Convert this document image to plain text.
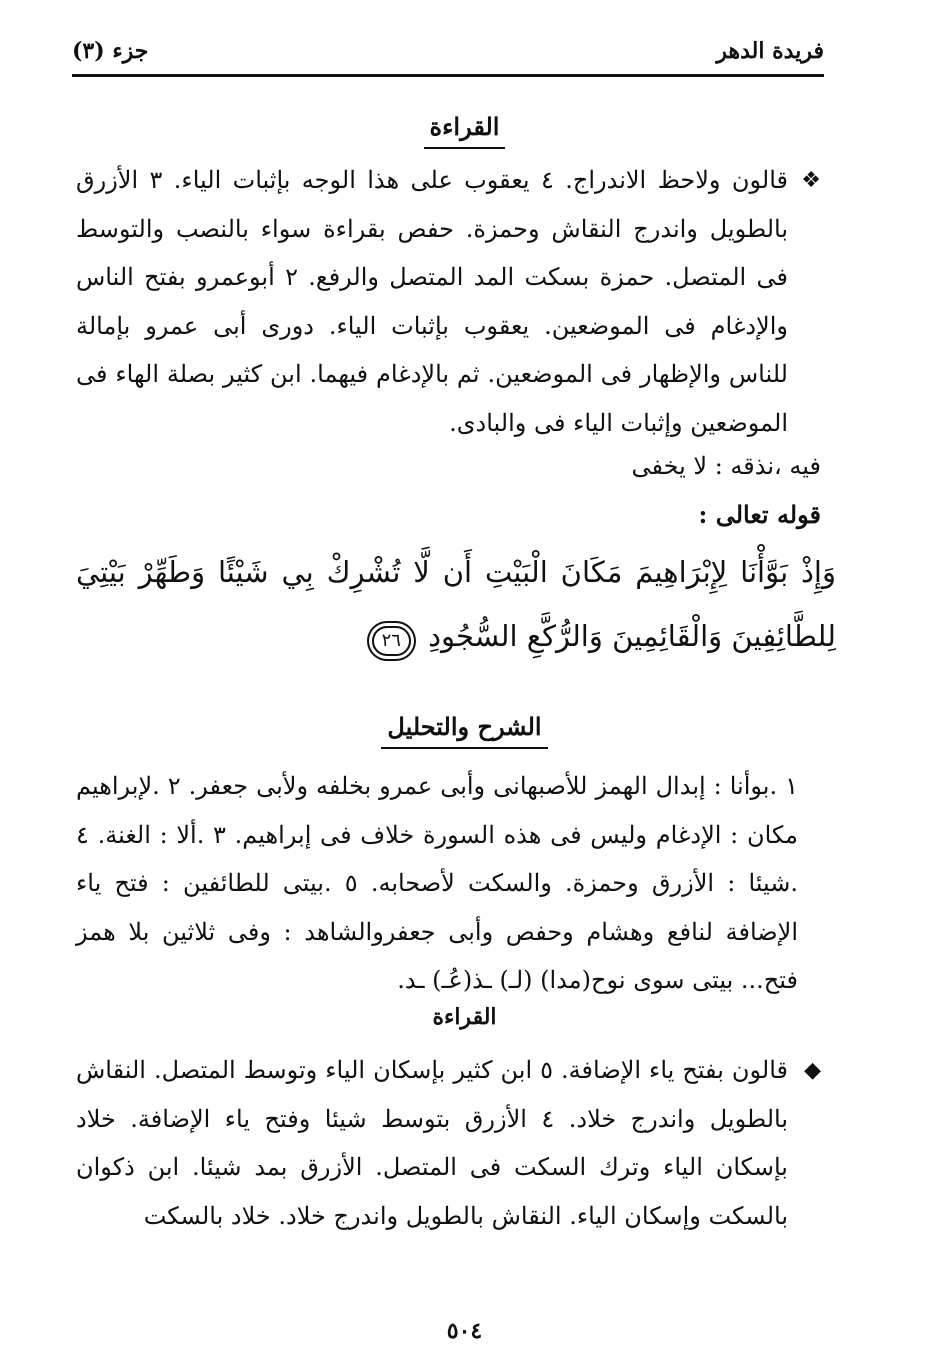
فريدة الدهر
جزء (٣)
القراءة
❖
قالون ولاحظ الاندراج. ٤ يعقوب على هذا الوجه بإثبات الياء. ٣ الأزرق بالطويل واندرج النقاش وحمزة. حفص بقراءة سواء بالنصب والتوسط فى المتصل. حمزة بسكت المد المتصل والرفع. ٢ أبوعمرو بفتح الناس والإدغام فى الموضعين. يعقوب بإثبات الياء. دورى أبى عمرو بإمالة للناس والإظهار فى الموضعين. ثم بالإدغام فيهما. ابن كثير بصلة الهاء فى الموضعين وإثبات الياء فى والبادى.
فيه ،نذقه : لا يخفى
قوله تعالى :
وَإِذْ بَوَّأْنَا لِإِبْرَاهِيمَ مَكَانَ الْبَيْتِ أَن لَّا تُشْرِكْ بِي شَيْئًا وَطَهِّرْ بَيْتِيَ لِلطَّائِفِينَ وَالْقَائِمِينَ وَالرُّكَّعِ السُّجُودِ ٢٦
الشرح والتحليل
١ .بوأنا : إبدال الهمز للأصبهانى وأبى عمرو بخلفه ولأبى جعفر. ٢ .لإبراهيم مكان : الإدغام وليس فى هذه السورة خلاف فى إبراهيم. ٣ .ألا : الغنة. ٤ .شيئا : الأزرق وحمزة. والسكت لأصحابه. ٥ .بيتى للطائفين : فتح ياء الإضافة لنافع وهشام وحفص وأبى جعفروالشاهد : وفى ثلاثين بلا همز فتح... بيتى سوى نوح(مدا) (لـ) ـذ(عُـ) ـد.
القراءة
◆
قالون بفتح ياء الإضافة. ٥ ابن كثير بإسكان الياء وتوسط المتصل. النقاش بالطويل واندرج خلاد. ٤ الأزرق بتوسط شيئا وفتح ياء الإضافة. خلاد بإسكان الياء وترك السكت فى المتصل. الأزرق بمد شيئا. ابن ذكوان بالسكت وإسكان الياء. النقاش بالطويل واندرج خلاد. خلاد بالسكت
٥٠٤
